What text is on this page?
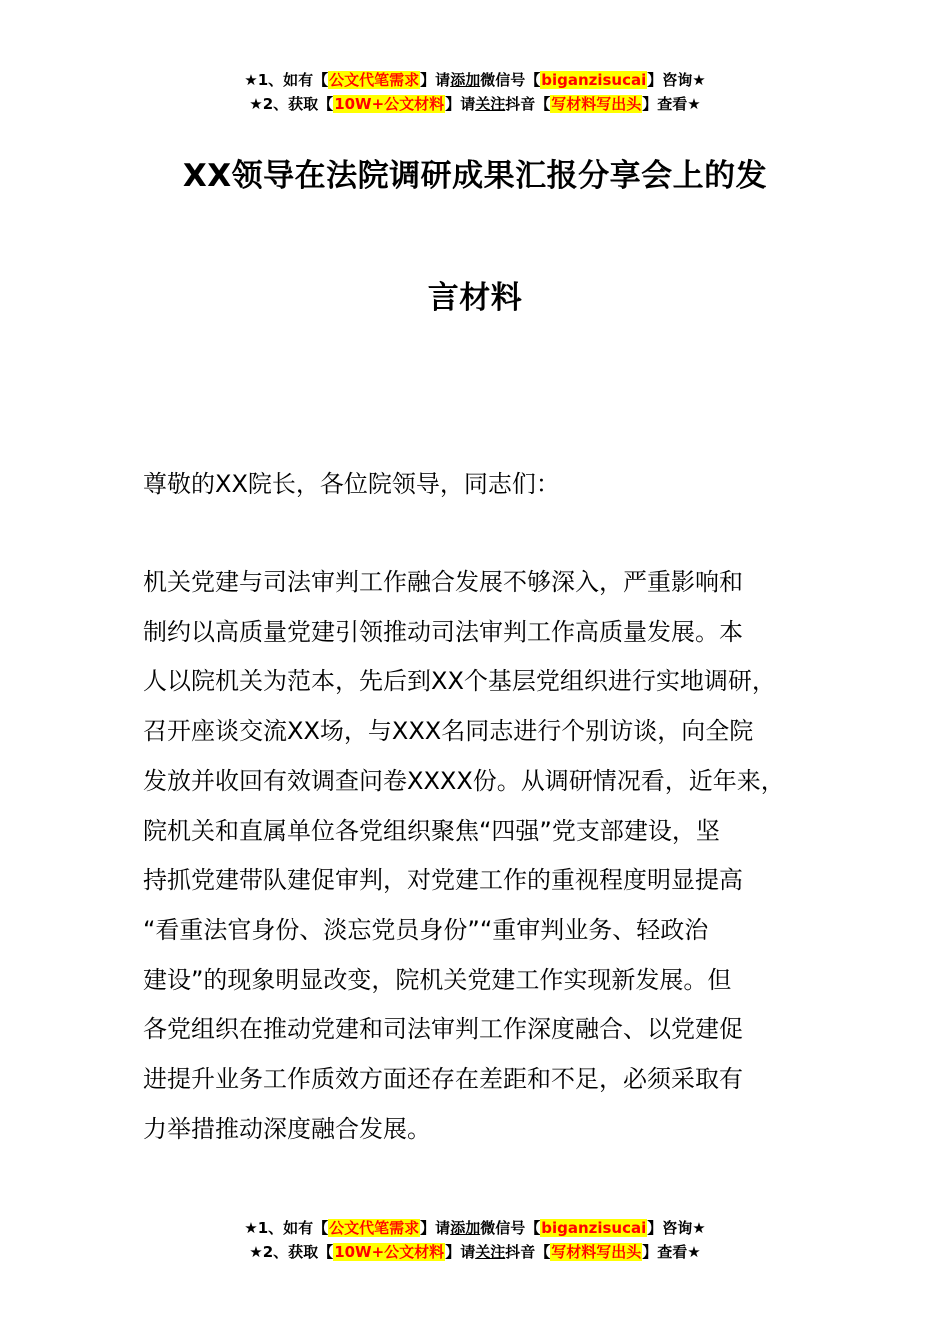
★1、如有【公文代笔需求】请添加微信号【biganzisucai】咨询★
★2、获取【10W+公文材料】请关注抖音【写材料写出头】查看★
XX领导在法院调研成果汇报分享会上的发
言材料
尊敬的XX院长，各位院领导，同志们：

机关党建与司法审判工作融合发展不够深入，严重影响和
制约以高质量党建引领推动司法审判工作高质量发展。本
人以院机关为范本，先后到XX个基层党组织进行实地调研，
召开座谈交流XX场，与XXX名同志进行个别访谈，向全院
发放并收回有效调查问卷XXXX份。从调研情况看，近年来，
院机关和直属单位各党组织聚焦“四强”党支部建设，坚
持抓党建带队建促审判，对党建工作的重视程度明显提高
“看重法官身份、淡忘党员身份”“重审判业务、轻政治
建设”的现象明显改变，院机关党建工作实现新发展。但
各党组织在推动党建和司法审判工作深度融合、以党建促
进提升业务工作质效方面还存在差距和不足，必须采取有
力举措推动深度融合发展。

★1、如有【公文代笔需求】请添加微信号【biganzisucai】咨询★
★2、获取【10W+公文材料】请关注抖音【写材料写出头】查看★
